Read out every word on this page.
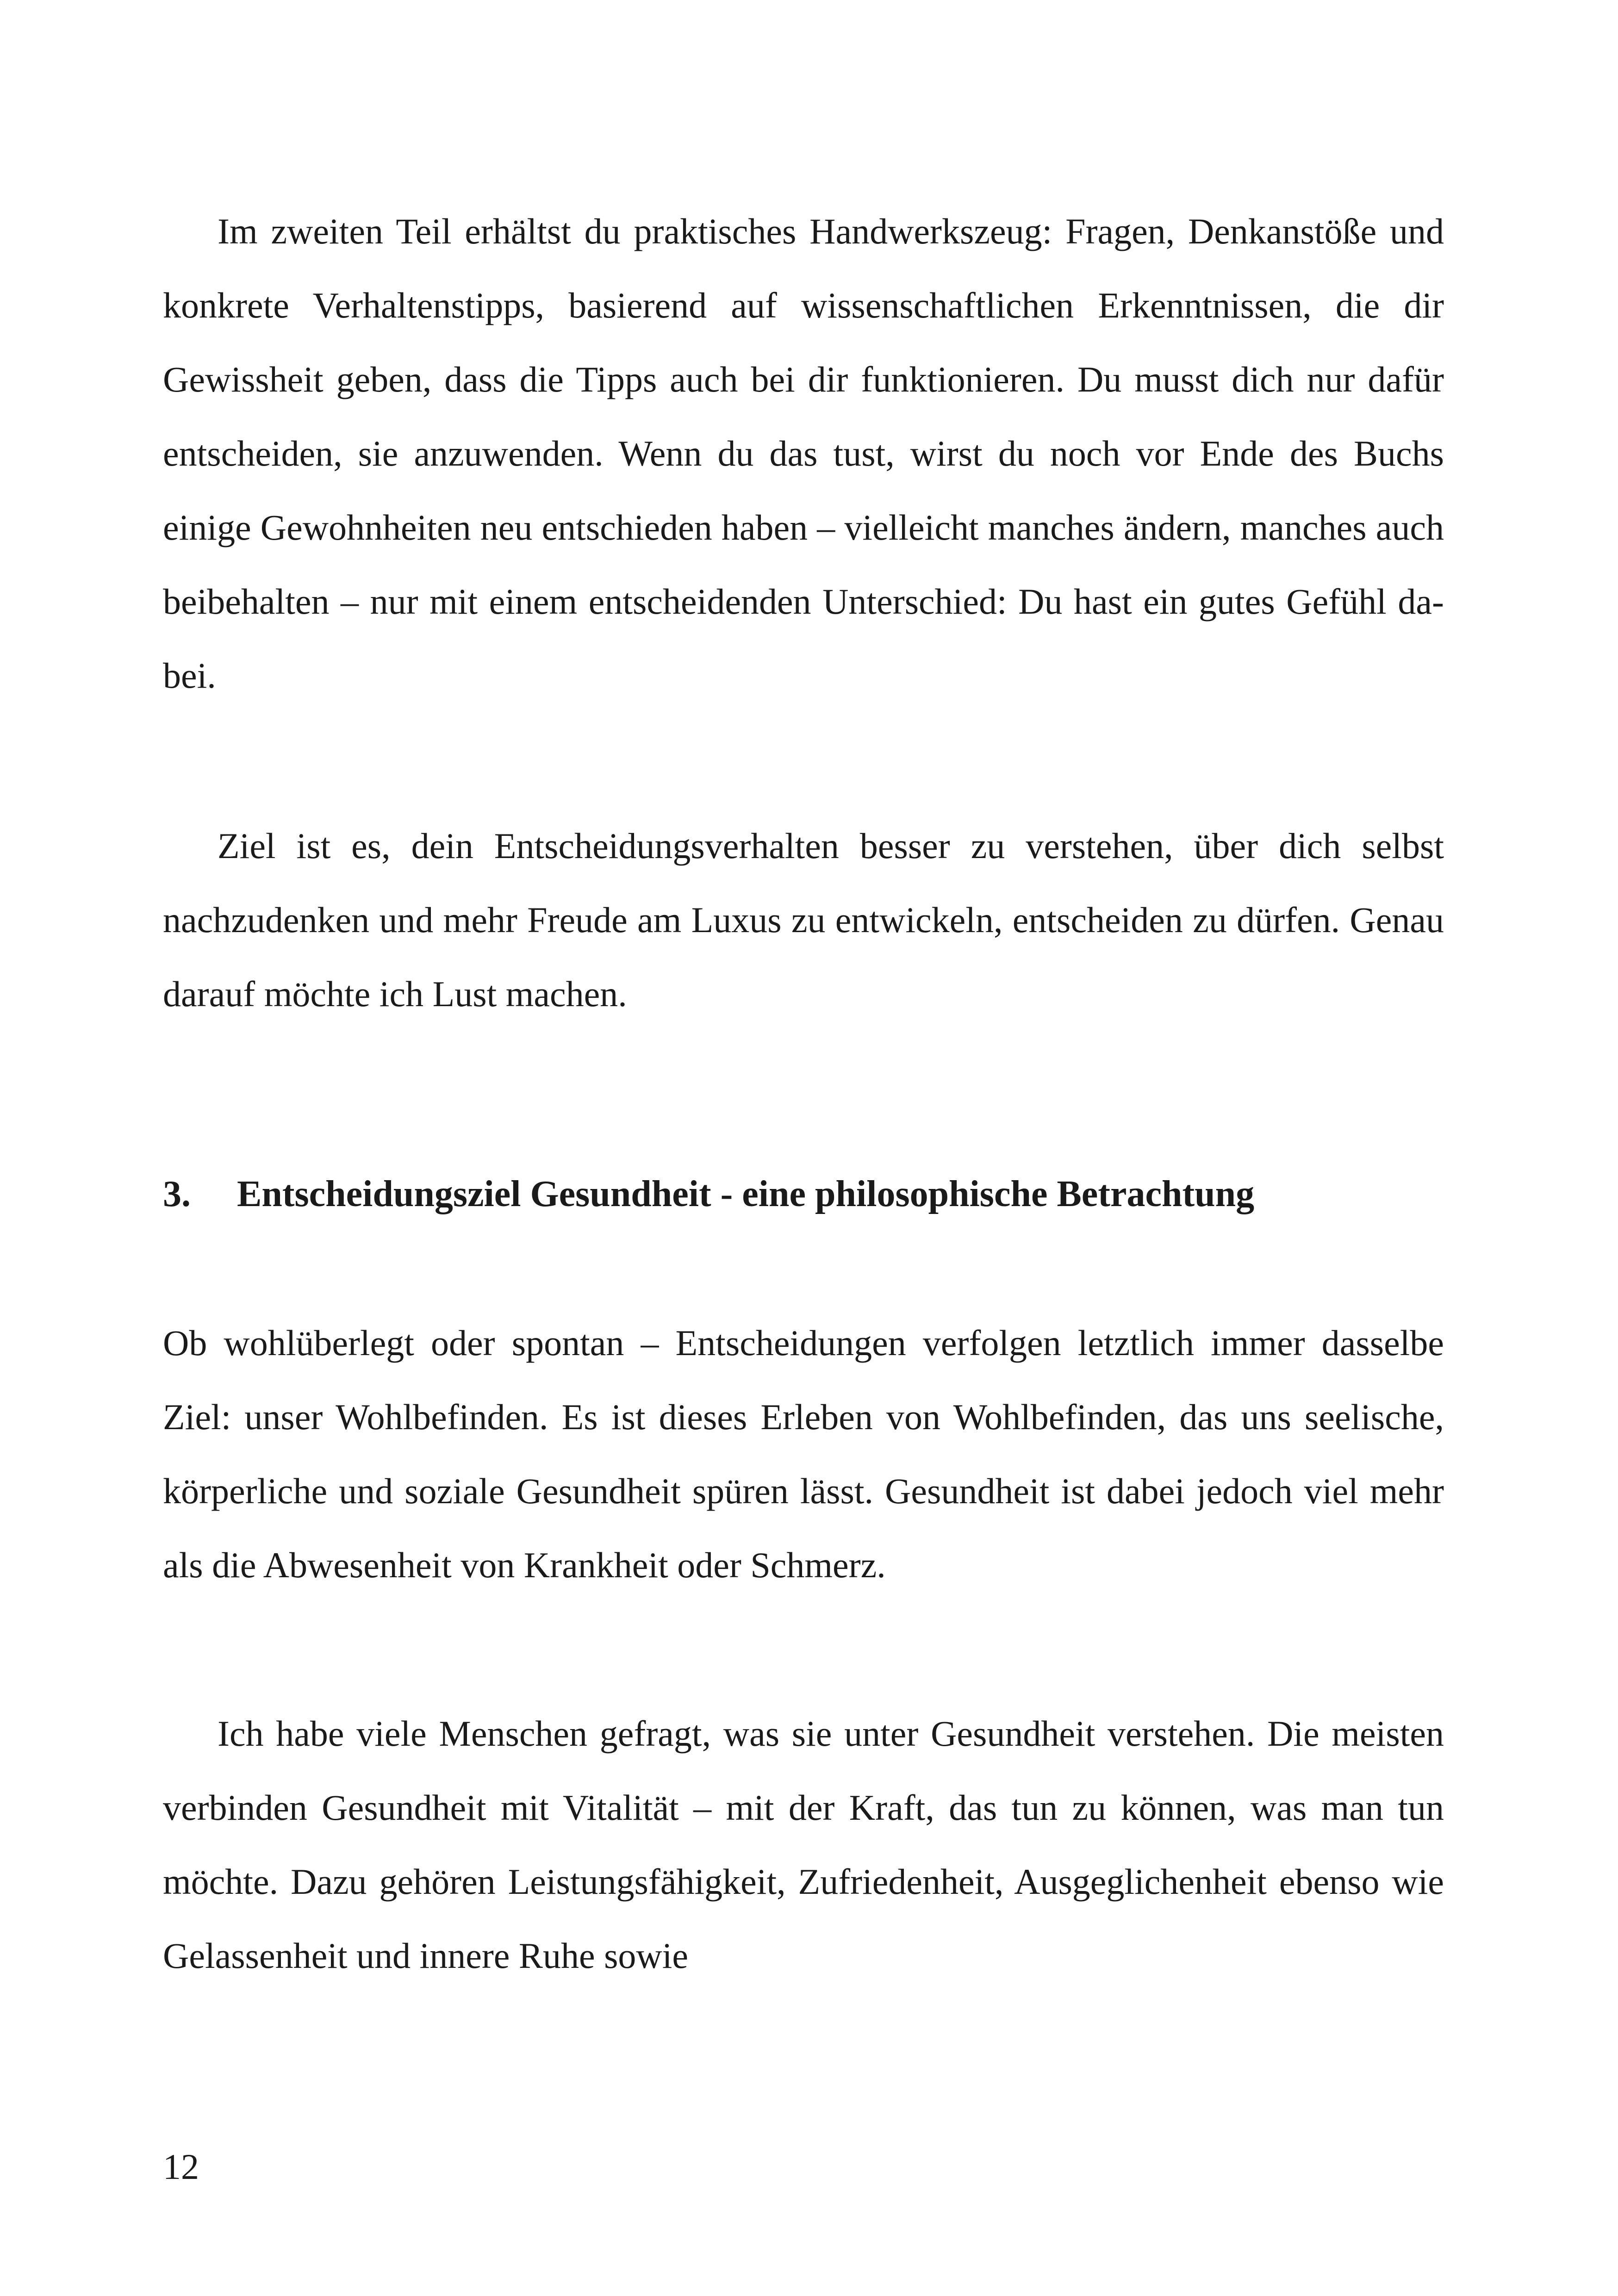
Im zweiten Teil erhältst du praktisches Handwerkszeug: Fragen, Denkanstöße und konkrete Verhaltenstipps, basierend auf wissenschaftlichen Erkenntnissen, die dir Gewissheit geben, dass die Tipps auch bei dir funktionieren. Du musst dich nur dafür entscheiden, sie anzuwenden. Wenn du das tust, wirst du noch vor Ende des Buchs einige Gewohnheiten neu entschieden haben – vielleicht manches ändern, manches auch beibehalten – nur mit einem entscheidenden Unterschied: Du hast ein gutes Gefühl dabei.

Ziel ist es, dein Entscheidungsverhalten besser zu verstehen, über dich selbst nachzudenken und mehr Freude am Luxus zu entwickeln, entscheiden zu dürfen. Genau darauf möchte ich Lust machen.

3. Entscheidungsziel Gesundheit - eine philosophische Betrachtung

Ob wohlüberlegt oder spontan – Entscheidungen verfolgen letztlich immer dasselbe Ziel: unser Wohlbefinden. Es ist dieses Erleben von Wohlbefinden, das uns seelische, körperliche und soziale Gesundheit spüren lässt. Gesundheit ist dabei jedoch viel mehr als die Abwesenheit von Krankheit oder Schmerz.

Ich habe viele Menschen gefragt, was sie unter Gesundheit verstehen. Die meisten verbinden Gesundheit mit Vitalität – mit der Kraft, das tun zu können, was man tun möchte. Dazu gehören Leistungsfähigkeit, Zufriedenheit, Ausgeglichenheit ebenso wie Gelassenheit und innere Ruhe sowie

12
